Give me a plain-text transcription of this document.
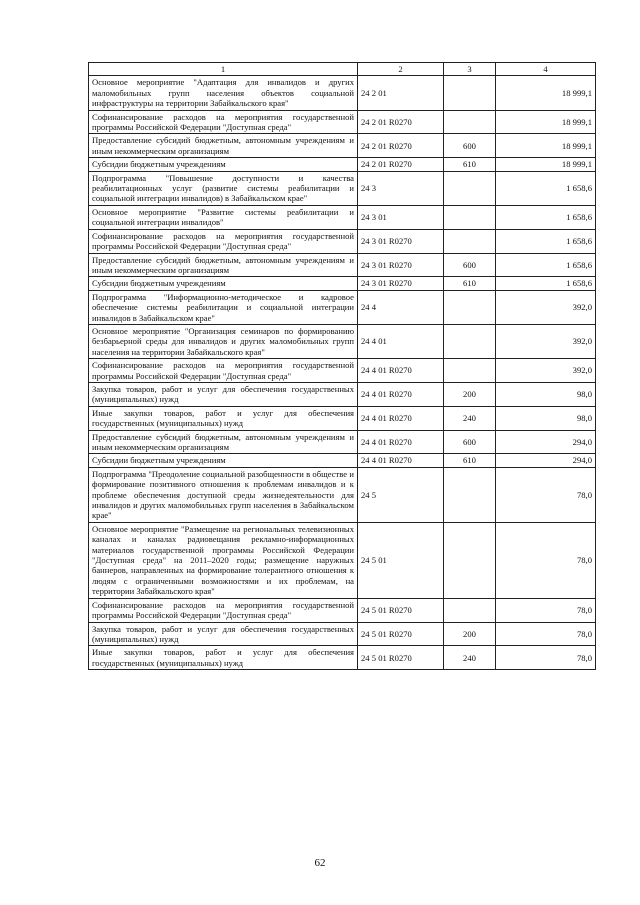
1	2	3	4
Основное мероприятие "Адаптация для инвалидов и других маломобильных групп населения объектов социальной инфраструктуры на территории Забайкальского края"	24 2 01		18 999,1
Софинансирование расходов на мероприятия государственной программы Российской Федерации "Доступная среда"	24 2 01 R0270		18 999,1
Предоставление субсидий бюджетным, автономным учреждениям и иным некоммерческим организациям	24 2 01 R0270	600	18 999,1
Субсидии бюджетным учреждениям	24 2 01 R0270	610	18 999,1
Подпрограмма "Повышение доступности и качества реабилитационных услуг (развитие системы реабилитации и социальной интеграции инвалидов) в Забайкальском крае"	24 3		1 658,6
Основное мероприятие "Развитие системы реабилитации и социальной интеграции инвалидов"	24 3 01		1 658,6
Софинансирование расходов на мероприятия государственной программы Российской Федерации "Доступная среда"	24 3 01 R0270		1 658,6
Предоставление субсидий бюджетным, автономным учреждениям и иным некоммерческим организациям	24 3 01 R0270	600	1 658,6
Субсидии бюджетным учреждениям	24 3 01 R0270	610	1 658,6
Подпрограмма "Информационно-методическое и кадровое обеспечение системы реабилитации и социальной интеграции инвалидов в Забайкальском крае"	24 4		392,0
Основное мероприятие "Организация семинаров по формированию безбарьерной среды для инвалидов и других маломобильных групп населения на территории Забайкальского края"	24 4 01		392,0
Софинансирование расходов на мероприятия государственной программы Российской Федерации "Доступная среда"	24 4 01 R0270		392,0
Закупка товаров, работ и услуг для обеспечения государственных (муниципальных) нужд	24 4 01 R0270	200	98,0
Иные закупки товаров, работ и услуг для обеспечения государственных (муниципальных) нужд	24 4 01 R0270	240	98,0
Предоставление субсидий бюджетным, автономным учреждениям и иным некоммерческим организациям	24 4 01 R0270	600	294,0
Субсидии бюджетным учреждениям	24 4 01 R0270	610	294,0
Подпрограмма "Преодоление социальной разобщенности в обществе и формирование позитивного отношения к проблемам инвалидов и к проблеме обеспечения доступной среды жизнедеятельности для инвалидов и других маломобильных групп населения в Забайкальском крае"	24 5		78,0
Основное мероприятие "Размещение на региональных телевизионных каналах и каналах радиовещания рекламно-информационных материалов государственной программы Российской Федерации "Доступная среда" на 2011–2020 годы; размещение наружных баннеров, направленных на формирование толерантного отношения к людям с ограниченными возможностями и их проблемам, на территории Забайкальского края"	24 5 01		78,0
Софинансирование расходов на мероприятия государственной программы Российской Федерации "Доступная среда"	24 5 01 R0270		78,0
Закупка товаров, работ и услуг для обеспечения государственных (муниципальных) нужд	24 5 01 R0270	200	78,0
Иные закупки товаров, работ и услуг для обеспечения государственных (муниципальных) нужд	24 5 01 R0270	240	78,0
62
